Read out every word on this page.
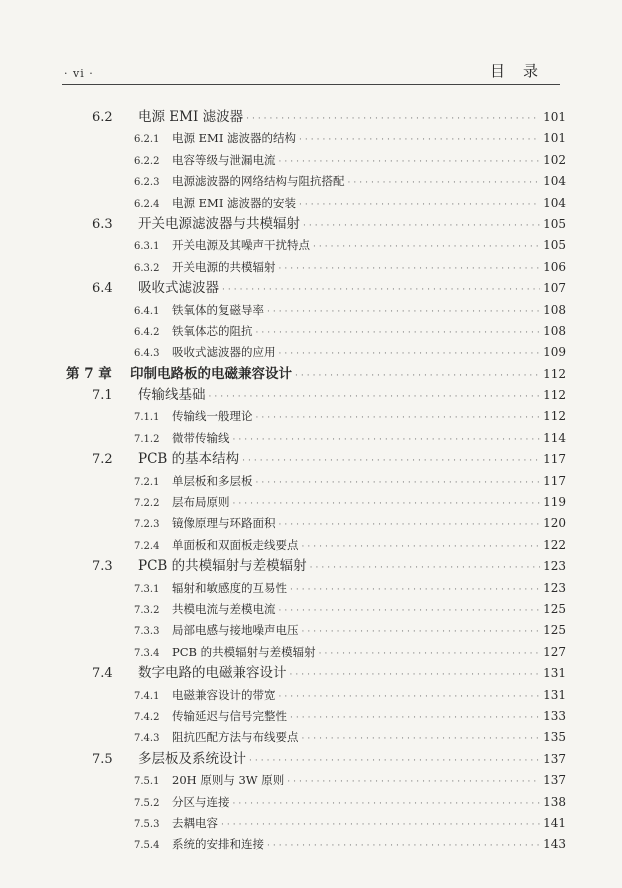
· vi ·	目录
6.2	电源 EMI 滤波器 ·····	101
6.2.1	电源 EMI 滤波器的结构 ·····	101
6.2.2	电容等级与泄漏电流 ·····	102
6.2.3	电源滤波器的网络结构与阻抗搭配 ·····	104
6.2.4	电源 EMI 滤波器的安装 ·····	104
6.3	开关电源滤波器与共模辐射 ·····	105
6.3.1	开关电源及其噪声干扰特点 ·····	105
6.3.2	开关电源的共模辐射 ·····	106
6.4	吸收式滤波器 ·····	107
6.4.1	铁氧体的复磁导率 ·····	108
6.4.2	铁氧体芯的阻抗 ·····	108
6.4.3	吸收式滤波器的应用 ·····	109
第 7 章	印制电路板的电磁兼容设计 ·····	112
7.1	传输线基础 ·····	112
7.1.1	传输线一般理论 ·····	112
7.1.2	微带传输线 ·····	114
7.2	PCB 的基本结构 ·····	117
7.2.1	单层板和多层板 ·····	117
7.2.2	层布局原则 ·····	119
7.2.3	镜像原理与环路面积 ·····	120
7.2.4	单面板和双面板走线要点 ·····	122
7.3	PCB 的共模辐射与差模辐射 ·····	123
7.3.1	辐射和敏感度的互易性 ·····	123
7.3.2	共模电流与差模电流 ·····	125
7.3.3	局部电感与接地噪声电压 ·····	125
7.3.4	PCB 的共模辐射与差模辐射 ·····	127
7.4	数字电路的电磁兼容设计 ·····	131
7.4.1	电磁兼容设计的带宽 ·····	131
7.4.2	传输延迟与信号完整性 ·····	133
7.4.3	阻抗匹配方法与布线要点 ·····	135
7.5	多层板及系统设计 ·····	137
7.5.1	20H 原则与 3W 原则 ·····	137
7.5.2	分区与连接 ·····	138
7.5.3	去耦电容 ·····	141
7.5.4	系统的安排和连接 ·····	143
